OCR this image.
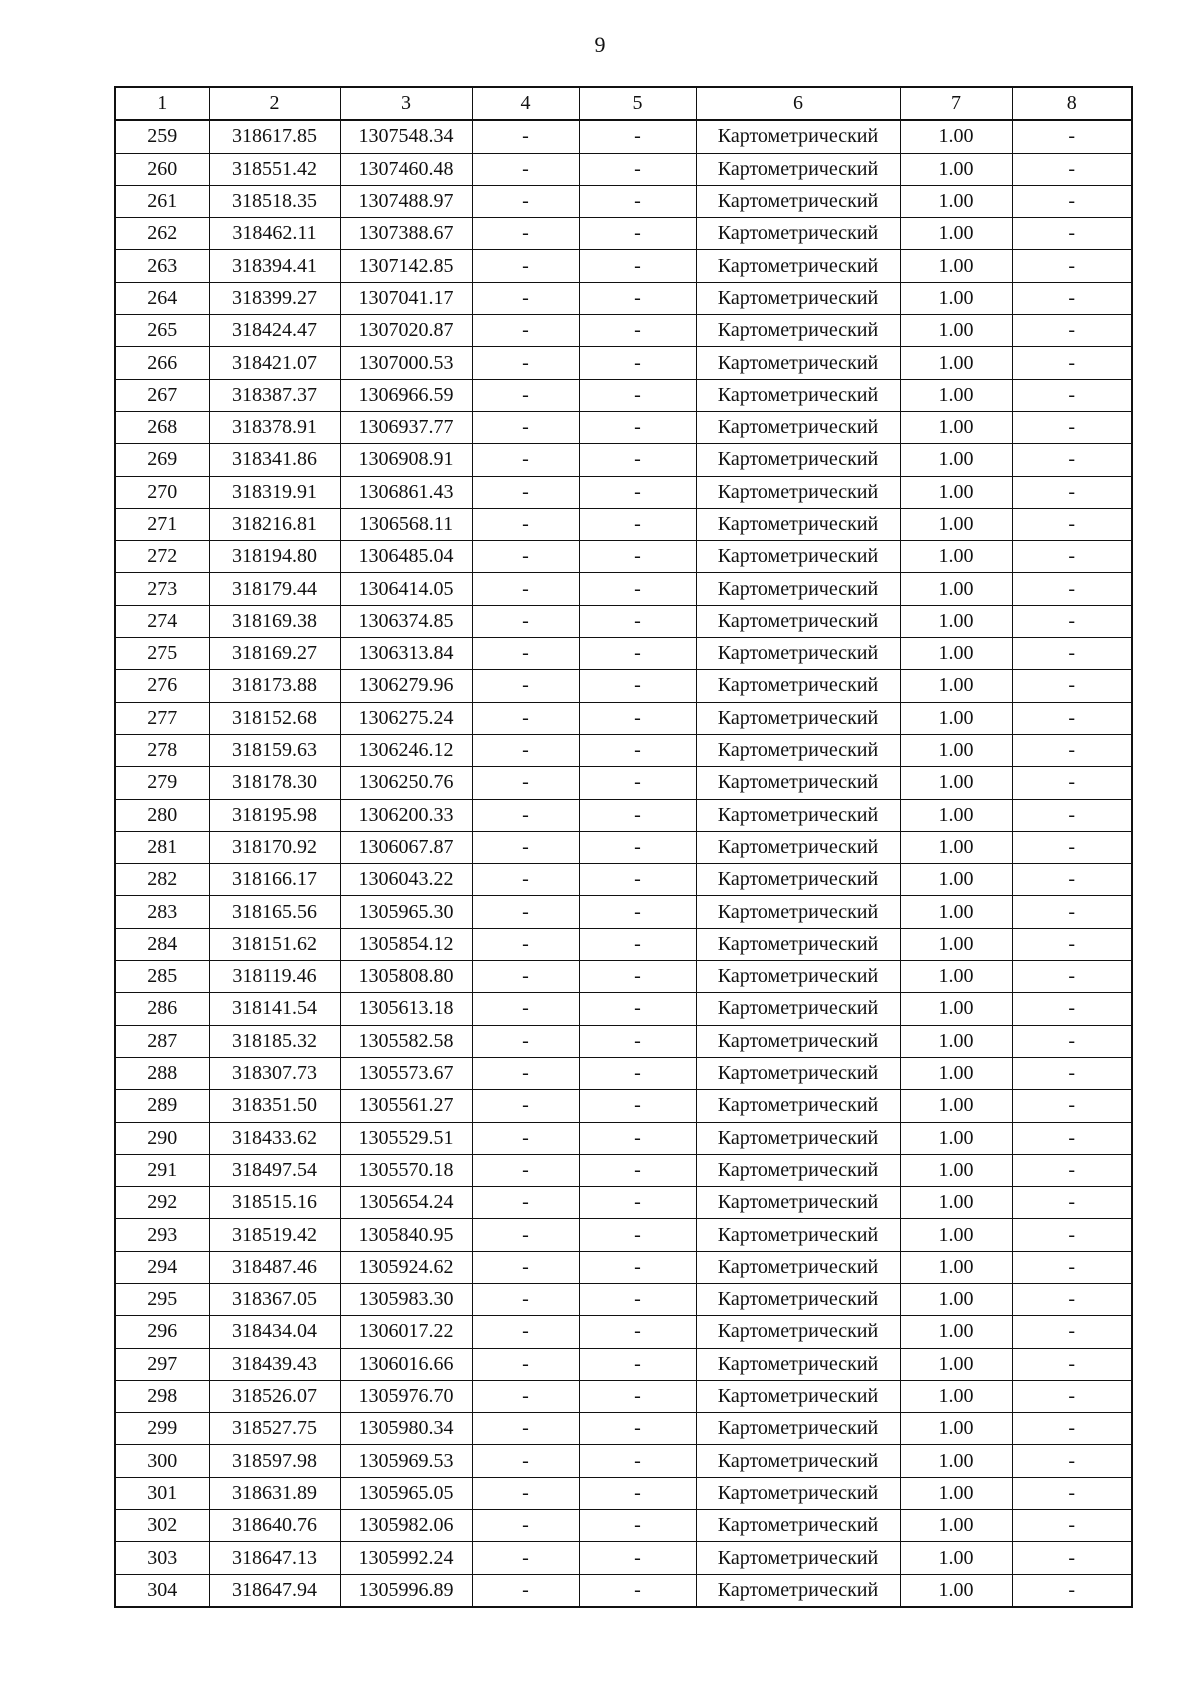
9
1	2	3	4	5	6	7	8
259	318617.85	1307548.34	-	-	Картометрический	1.00	-
260	318551.42	1307460.48	-	-	Картометрический	1.00	-
261	318518.35	1307488.97	-	-	Картометрический	1.00	-
262	318462.11	1307388.67	-	-	Картометрический	1.00	-
263	318394.41	1307142.85	-	-	Картометрический	1.00	-
264	318399.27	1307041.17	-	-	Картометрический	1.00	-
265	318424.47	1307020.87	-	-	Картометрический	1.00	-
266	318421.07	1307000.53	-	-	Картометрический	1.00	-
267	318387.37	1306966.59	-	-	Картометрический	1.00	-
268	318378.91	1306937.77	-	-	Картометрический	1.00	-
269	318341.86	1306908.91	-	-	Картометрический	1.00	-
270	318319.91	1306861.43	-	-	Картометрический	1.00	-
271	318216.81	1306568.11	-	-	Картометрический	1.00	-
272	318194.80	1306485.04	-	-	Картометрический	1.00	-
273	318179.44	1306414.05	-	-	Картометрический	1.00	-
274	318169.38	1306374.85	-	-	Картометрический	1.00	-
275	318169.27	1306313.84	-	-	Картометрический	1.00	-
276	318173.88	1306279.96	-	-	Картометрический	1.00	-
277	318152.68	1306275.24	-	-	Картометрический	1.00	-
278	318159.63	1306246.12	-	-	Картометрический	1.00	-
279	318178.30	1306250.76	-	-	Картометрический	1.00	-
280	318195.98	1306200.33	-	-	Картометрический	1.00	-
281	318170.92	1306067.87	-	-	Картометрический	1.00	-
282	318166.17	1306043.22	-	-	Картометрический	1.00	-
283	318165.56	1305965.30	-	-	Картометрический	1.00	-
284	318151.62	1305854.12	-	-	Картометрический	1.00	-
285	318119.46	1305808.80	-	-	Картометрический	1.00	-
286	318141.54	1305613.18	-	-	Картометрический	1.00	-
287	318185.32	1305582.58	-	-	Картометрический	1.00	-
288	318307.73	1305573.67	-	-	Картометрический	1.00	-
289	318351.50	1305561.27	-	-	Картометрический	1.00	-
290	318433.62	1305529.51	-	-	Картометрический	1.00	-
291	318497.54	1305570.18	-	-	Картометрический	1.00	-
292	318515.16	1305654.24	-	-	Картометрический	1.00	-
293	318519.42	1305840.95	-	-	Картометрический	1.00	-
294	318487.46	1305924.62	-	-	Картометрический	1.00	-
295	318367.05	1305983.30	-	-	Картометрический	1.00	-
296	318434.04	1306017.22	-	-	Картометрический	1.00	-
297	318439.43	1306016.66	-	-	Картометрический	1.00	-
298	318526.07	1305976.70	-	-	Картометрический	1.00	-
299	318527.75	1305980.34	-	-	Картометрический	1.00	-
300	318597.98	1305969.53	-	-	Картометрический	1.00	-
301	318631.89	1305965.05	-	-	Картометрический	1.00	-
302	318640.76	1305982.06	-	-	Картометрический	1.00	-
303	318647.13	1305992.24	-	-	Картометрический	1.00	-
304	318647.94	1305996.89	-	-	Картометрический	1.00	-
